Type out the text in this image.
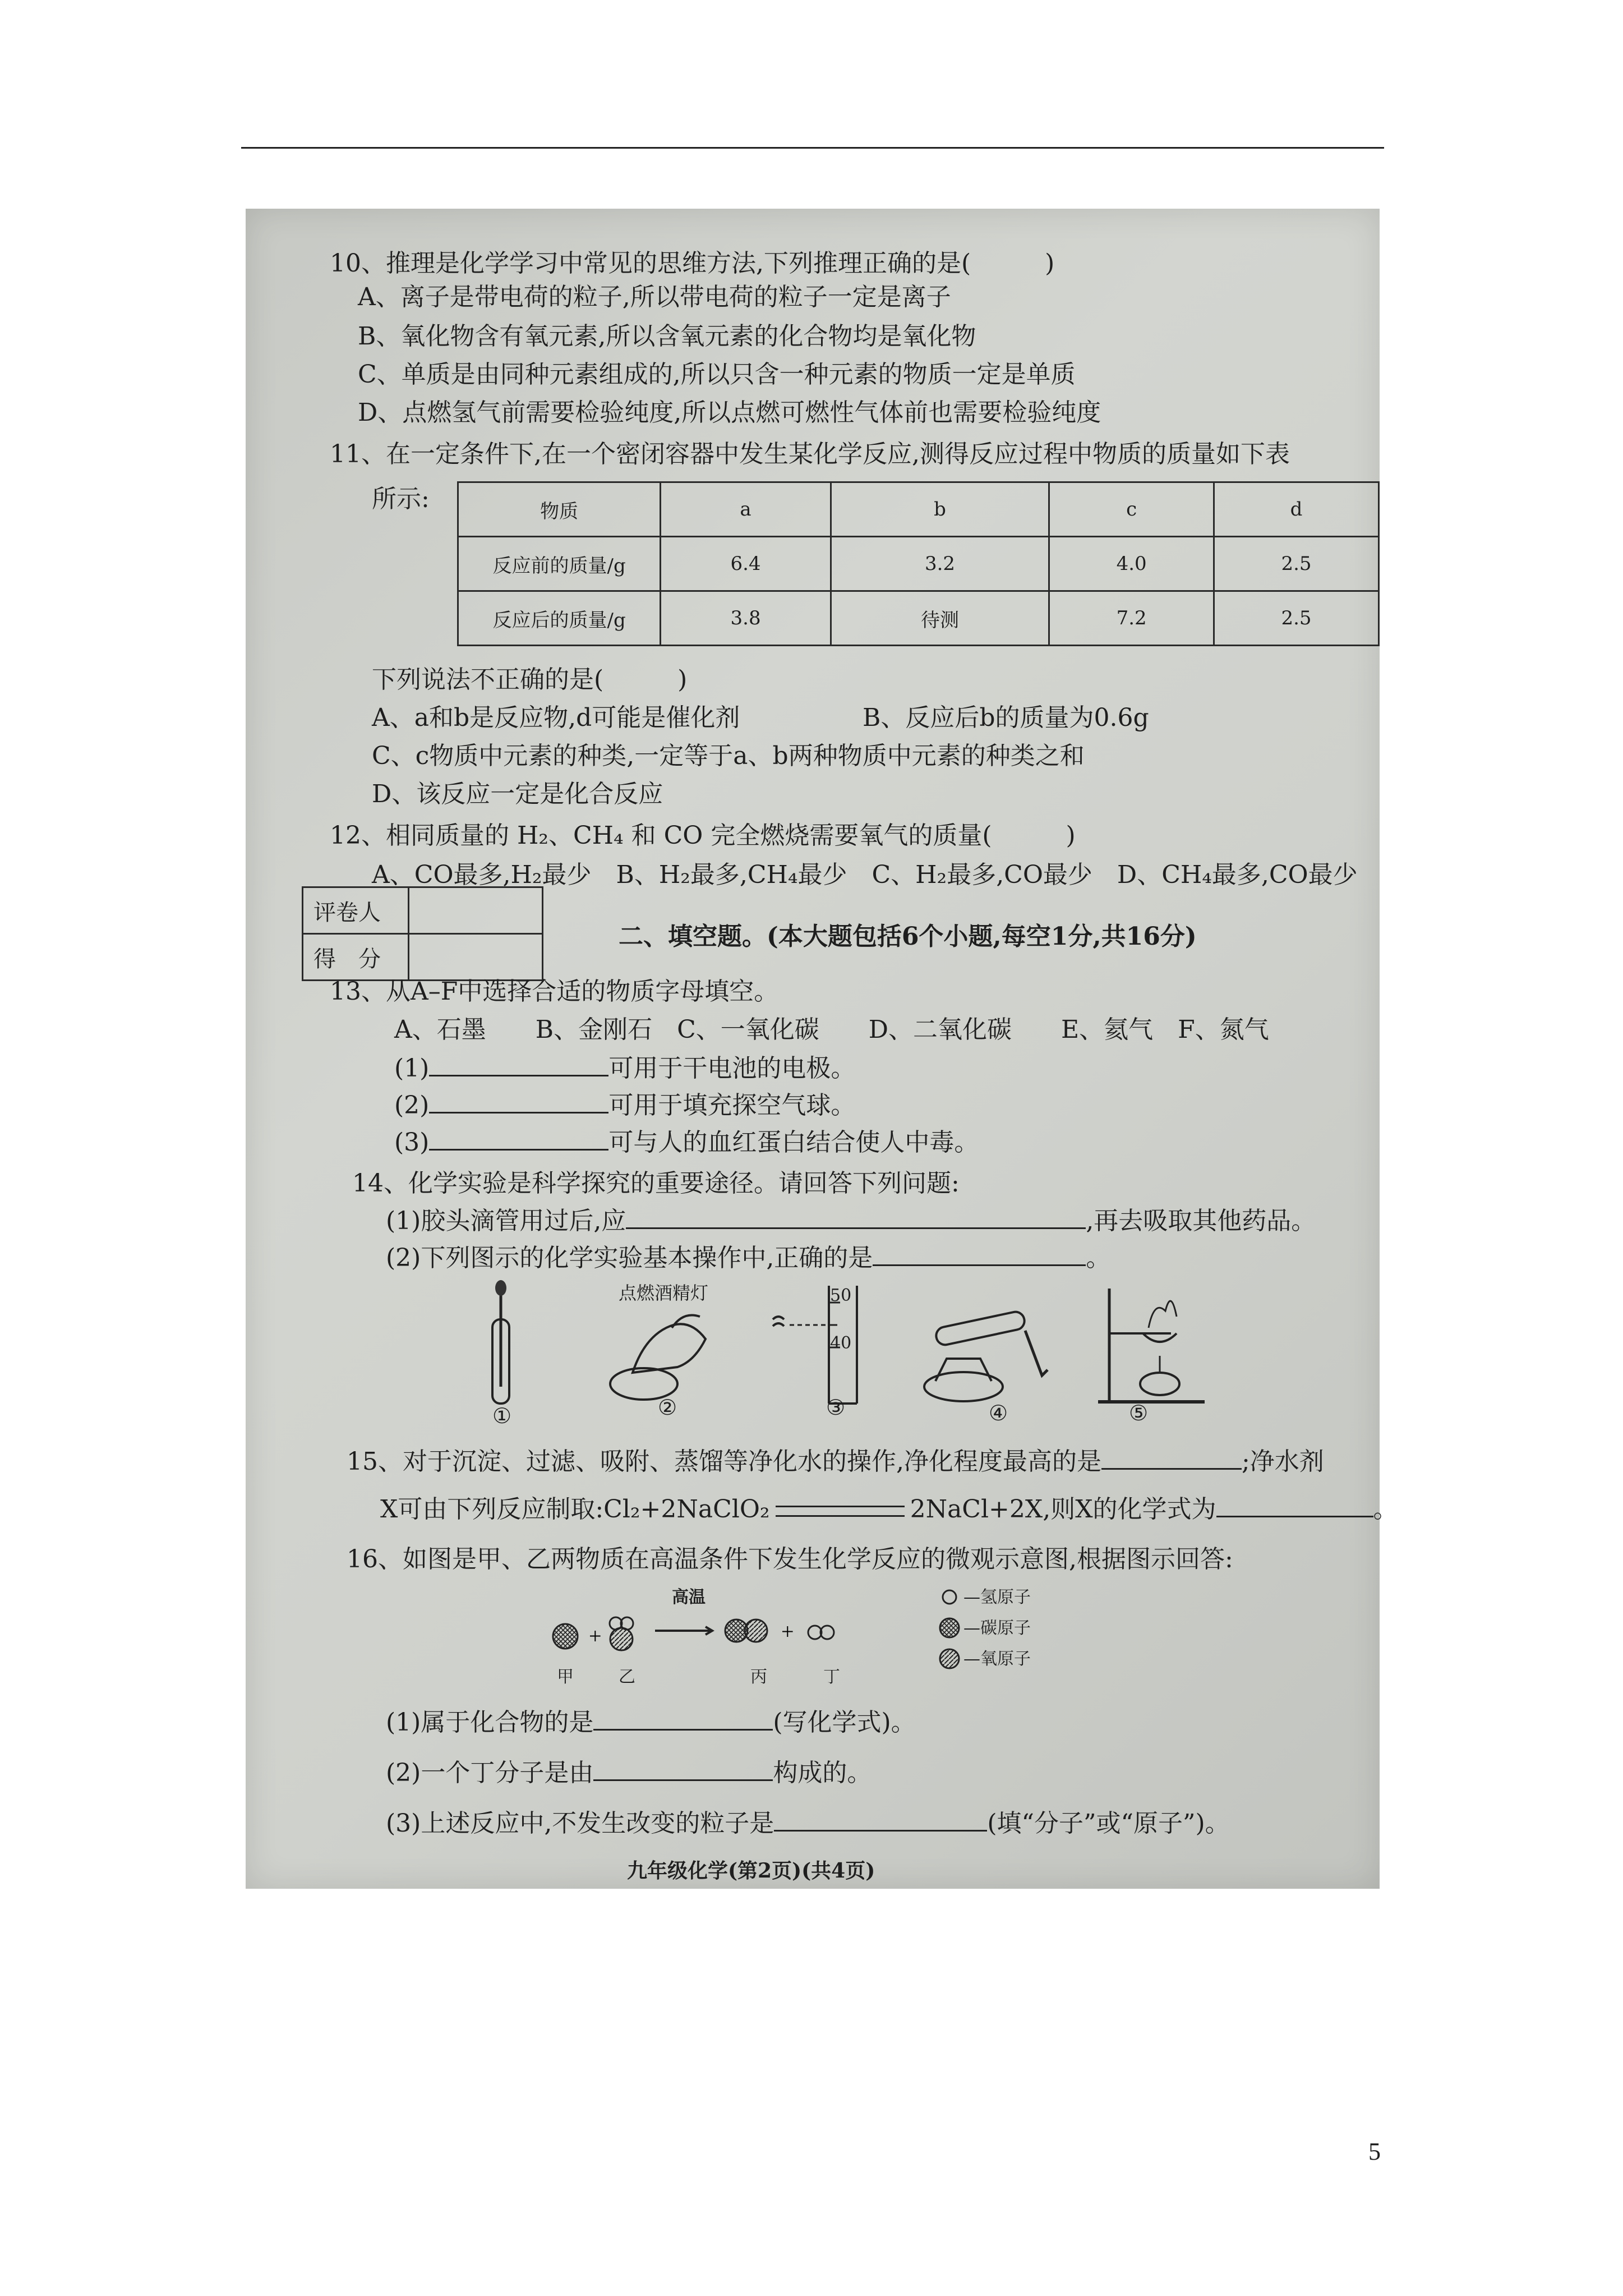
10、推理是化学学习中常见的思维方法,下列推理正确的是(　　　)
A、离子是带电荷的粒子,所以带电荷的粒子一定是离子
B、氧化物含有氧元素,所以含氧元素的化合物均是氧化物
C、单质是由同种元素组成的,所以只含一种元素的物质一定是单质
D、点燃氢气前需要检验纯度,所以点燃可燃性气体前也需要检验纯度
11、在一定条件下,在一个密闭容器中发生某化学反应,测得反应过程中物质的质量如下表
所示:	物质	a	b	c	d
反应前的质量/g	6.4	3.2	4.0	2.5
反应后的质量/g	3.8	待测	7.2	2.5
下列说法不正确的是(　　　)
A、a和b是反应物,d可能是催化剂	B、反应后b的质量为0.6g
C、c物质中元素的种类,一定等于a、b两种物质中元素的种类之和
D、该反应一定是化合反应
12、相同质量的 H₂、CH₄ 和 CO 完全燃烧需要氧气的质量(　　　)
A、CO最多,H₂最少　B、H₂最多,CH₄最少　C、H₂最多,CO最少　D、CH₄最多,CO最少
评卷人	
得　分	
二、填空题。(本大题包括6个小题,每空1分,共16分)
13、从A–F中选择合适的物质字母填空。
A、石墨　　B、金刚石　C、一氧化碳　　D、二氧化碳　　E、氦气　F、氮气
(1)	可用于干电池的电极。
(2)	可用于填充探空气球。
(3)	可与人的血红蛋白结合使人中毒。
14、化学实验是科学探究的重要途径。请回答下列问题:
(1)胶头滴管用过后,应	,再去吸取其他药品。
(2)下列图示的化学实验基本操作中,正确的是	。
点燃酒精灯	50
40
①	②	③	④	⑤
15、对于沉淀、过滤、吸附、蒸馏等净化水的操作,净化程度最高的是	;净水剂
X可由下列反应制取:Cl₂+2NaClO₂	2NaCl+2X,则X的化学式为	。
16、如图是甲、乙两物质在高温条件下发生化学反应的微观示意图,根据图示回答:
+	+
高温
甲	乙	丙	丁
—氢原子
—碳原子
—氧原子
(1)属于化合物的是	(写化学式)。
(2)一个丁分子是由	构成的。
(3)上述反应中,不发生改变的粒子是	(填“分子”或“原子”)。
九年级化学(第2页)(共4页)
5
